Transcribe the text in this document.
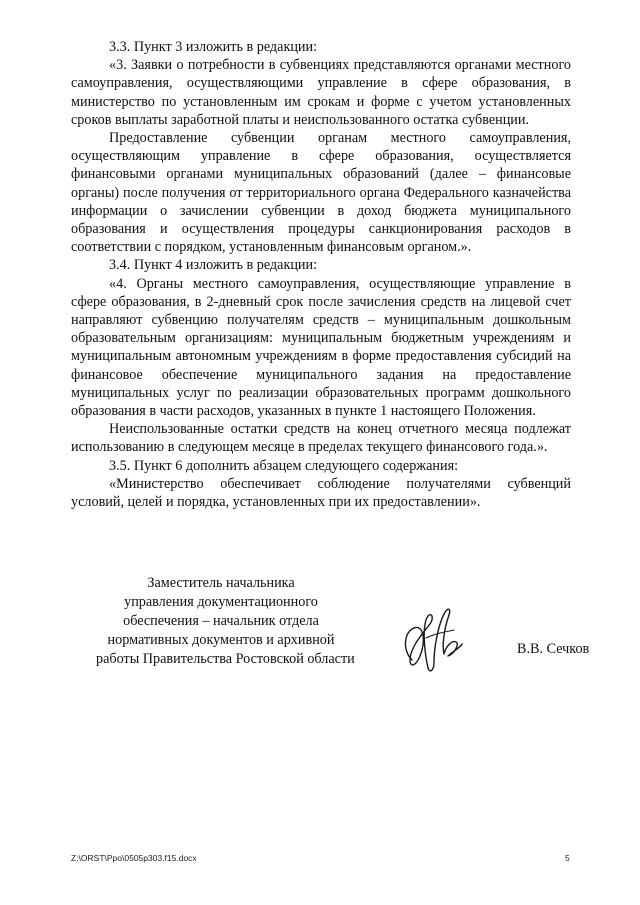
3.3. Пункт 3 изложить в редакции:

«3. Заявки о потребности в субвенциях представляются органами местного самоуправления, осуществляющими управление в сфере образования, в министерство по установленным им срокам и форме с учетом установленных сроков выплаты заработной платы и неиспользованного остатка субвенции.

Предоставление субвенции органам местного самоуправления, осуществляющим управление в сфере образования, осуществляется финансовыми органами муниципальных образований (далее – финансовые органы) после получения от территориального органа Федерального казначейства информации о зачислении субвенции в доход бюджета муниципального образования и осуществления процедуры санкционирования расходов в соответствии с порядком, установленным финансовым органом.».

3.4. Пункт 4 изложить в редакции:

«4. Органы местного самоуправления, осуществляющие управление в сфере образования, в 2-дневный срок после зачисления средств на лицевой счет направляют субвенцию получателям средств – муниципальным дошкольным образовательным организациям: муниципальным бюджетным учреждениям и муниципальным автономным учреждениям в форме предоставления субсидий на финансовое обеспечение муниципального задания на предоставление муниципальных услуг по реализации образовательных программ дошкольного образования в части расходов, указанных в пункте 1 настоящего Положения.

Неиспользованные остатки средств на конец отчетного месяца подлежат использованию в следующем месяце в пределах текущего финансового года.».

3.5. Пункт 6 дополнить абзацем следующего содержания:

«Министерство обеспечивает соблюдение получателями субвенций условий, целей и порядка, установленных при их предоставлении».

Заместитель начальника
управления документационного
обеспечения – начальник отдела
нормативных документов и архивной
работы Правительства Ростовской области
В.В. Сечков
Z:\ORST\Ppo\0505p303.f15.docx	5
